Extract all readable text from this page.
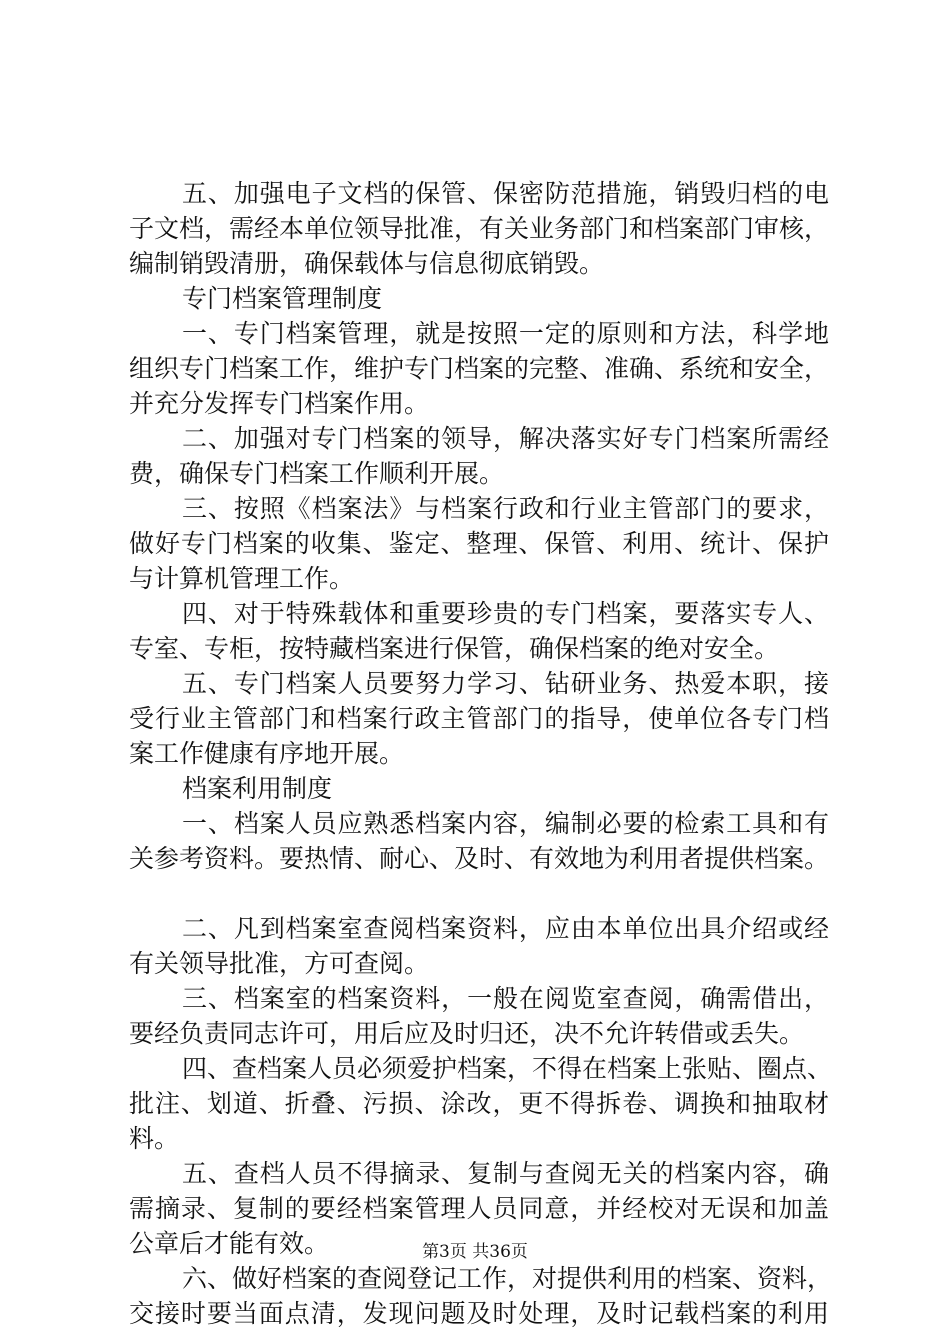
五、加强电子文档的保管、保密防范措施，销毁归档的电
子文档，需经本单位领导批准，有关业务部门和档案部门审核，
编制销毁清册，确保载体与信息彻底销毁。
专门档案管理制度
一、专门档案管理，就是按照一定的原则和方法，科学地
组织专门档案工作，维护专门档案的完整、准确、系统和安全，
并充分发挥专门档案作用。
二、加强对专门档案的领导，解决落实好专门档案所需经
费，确保专门档案工作顺利开展。
三、按照《档案法》与档案行政和行业主管部门的要求，
做好专门档案的收集、鉴定、整理、保管、利用、统计、保护
与计算机管理工作。
四、对于特殊载体和重要珍贵的专门档案，要落实专人、
专室、专柜，按特藏档案进行保管，确保档案的绝对安全。
五、专门档案人员要努力学习、钻研业务、热爱本职，接
受行业主管部门和档案行政主管部门的指导，使单位各专门档
案工作健康有序地开展。
档案利用制度
一、档案人员应熟悉档案内容，编制必要的检索工具和有
关参考资料。要热情、耐心、及时、有效地为利用者提供档案。
二、凡到档案室查阅档案资料，应由本单位出具介绍或经
有关领导批准，方可查阅。
三、档案室的档案资料，一般在阅览室查阅，确需借出，
要经负责同志许可，用后应及时归还，决不允许转借或丢失。
四、查档案人员必须爱护档案，不得在档案上张贴、圈点、
批注、划道、折叠、污损、涂改，更不得拆卷、调换和抽取材
料。
五、查档人员不得摘录、复制与查阅无关的档案内容，确
需摘录、复制的要经档案管理人员同意，并经校对无误和加盖
公章后才能有效。
六、做好档案的查阅登记工作，对提供利用的档案、资料，
交接时要当面点清，发现问题及时处理，及时记载档案的利用
第3页 共36页
